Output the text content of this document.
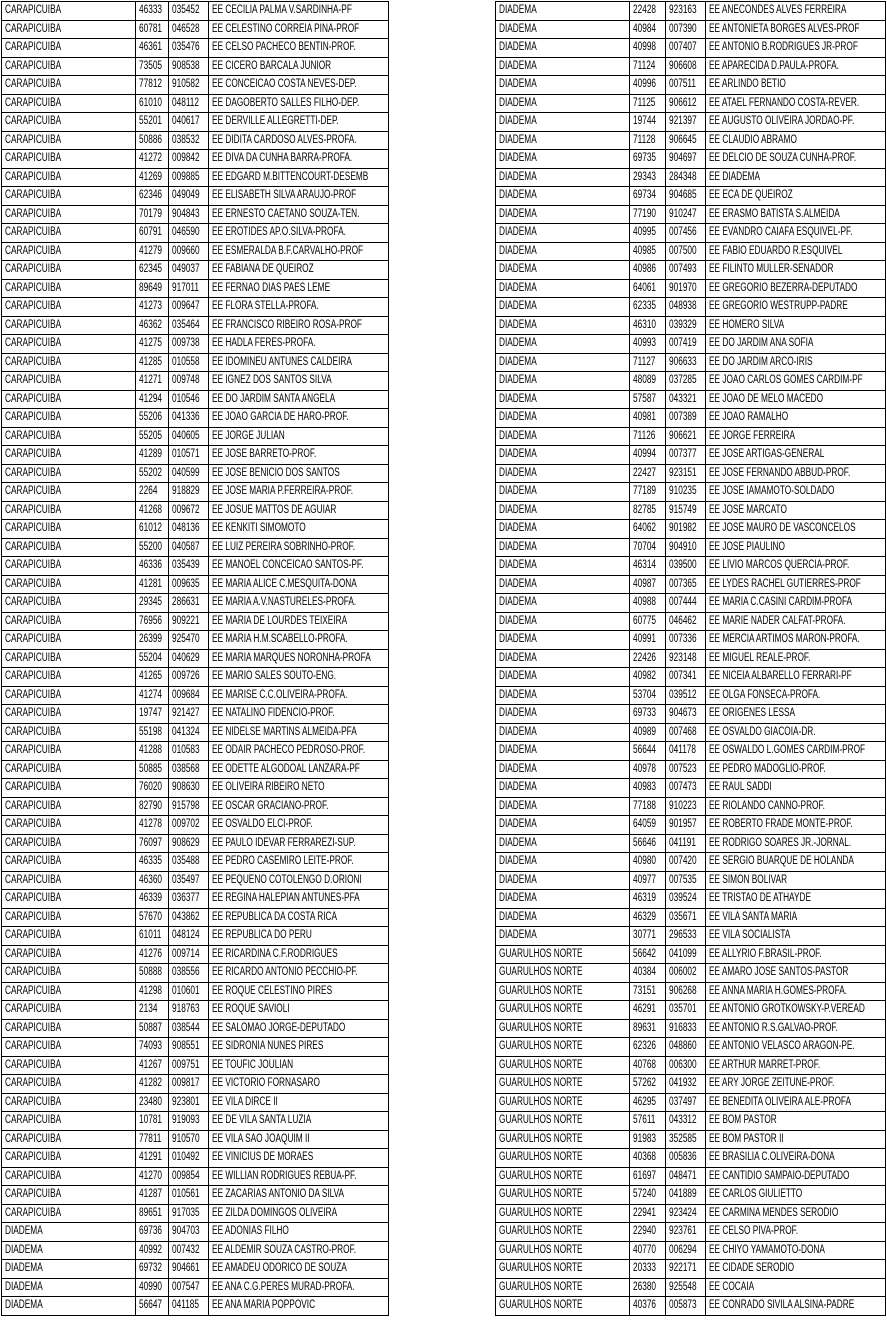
CARAPICUIBA	46333	035452	EE CECILIA PALMA V.SARDINHA-PF
CARAPICUIBA	60781	046528	EE CELESTINO CORREIA PINA-PROF
CARAPICUIBA	46361	035476	EE CELSO PACHECO BENTIN-PROF.
CARAPICUIBA	73505	908538	EE CICERO BARCALA JUNIOR
CARAPICUIBA	77812	910582	EE CONCEICAO COSTA NEVES-DEP.
CARAPICUIBA	61010	048112	EE DAGOBERTO SALLES FILHO-DEP.
CARAPICUIBA	55201	040617	EE DERVILLE ALLEGRETTI-DEP.
CARAPICUIBA	50886	038532	EE DIDITA CARDOSO ALVES-PROFA.
CARAPICUIBA	41272	009842	EE DIVA DA CUNHA BARRA-PROFA.
CARAPICUIBA	41269	009885	EE EDGARD M.BITTENCOURT-DESEMB
CARAPICUIBA	62346	049049	EE ELISABETH SILVA ARAUJO-PROF
CARAPICUIBA	70179	904843	EE ERNESTO CAETANO SOUZA-TEN.
CARAPICUIBA	60791	046590	EE EROTIDES AP.O.SILVA-PROFA.
CARAPICUIBA	41279	009660	EE ESMERALDA B.F.CARVALHO-PROF
CARAPICUIBA	62345	049037	EE FABIANA DE QUEIROZ
CARAPICUIBA	89649	917011	EE FERNAO DIAS PAES LEME
CARAPICUIBA	41273	009647	EE FLORA STELLA-PROFA.
CARAPICUIBA	46362	035464	EE FRANCISCO RIBEIRO ROSA-PROF
CARAPICUIBA	41275	009738	EE HADLA FERES-PROFA.
CARAPICUIBA	41285	010558	EE IDOMINEU ANTUNES CALDEIRA
CARAPICUIBA	41271	009748	EE IGNEZ DOS SANTOS SILVA
CARAPICUIBA	41294	010546	EE DO JARDIM SANTA ANGELA
CARAPICUIBA	55206	041336	EE JOAO GARCIA DE HARO-PROF.
CARAPICUIBA	55205	040605	EE JORGE JULIAN
CARAPICUIBA	41289	010571	EE JOSE BARRETO-PROF.
CARAPICUIBA	55202	040599	EE JOSE BENICIO DOS SANTOS
CARAPICUIBA	2264	918829	EE JOSE MARIA P.FERREIRA-PROF.
CARAPICUIBA	41268	009672	EE JOSUE MATTOS DE AGUIAR
CARAPICUIBA	61012	048136	EE KENKITI SIMOMOTO
CARAPICUIBA	55200	040587	EE LUIZ PEREIRA SOBRINHO-PROF.
CARAPICUIBA	46336	035439	EE MANOEL CONCEICAO SANTOS-PF.
CARAPICUIBA	41281	009635	EE MARIA ALICE C.MESQUITA-DONA
CARAPICUIBA	29345	286631	EE MARIA A.V.NASTURELES-PROFA.
CARAPICUIBA	76956	909221	EE MARIA DE LOURDES TEIXEIRA
CARAPICUIBA	26399	925470	EE MARIA H.M.SCABELLO-PROFA.
CARAPICUIBA	55204	040629	EE MARIA MARQUES NORONHA-PROFA
CARAPICUIBA	41265	009726	EE MARIO SALES SOUTO-ENG.
CARAPICUIBA	41274	009684	EE MARISE C.C.OLIVEIRA-PROFA.
CARAPICUIBA	19747	921427	EE NATALINO FIDENCIO-PROF.
CARAPICUIBA	55198	041324	EE NIDELSE MARTINS ALMEIDA-PFA
CARAPICUIBA	41288	010583	EE ODAIR PACHECO PEDROSO-PROF.
CARAPICUIBA	50885	038568	EE ODETTE ALGODOAL LANZARA-PF
CARAPICUIBA	76020	908630	EE OLIVEIRA RIBEIRO NETO
CARAPICUIBA	82790	915798	EE OSCAR GRACIANO-PROF.
CARAPICUIBA	41278	009702	EE OSVALDO ELCI-PROF.
CARAPICUIBA	76097	908629	EE PAULO IDEVAR FERRAREZI-SUP.
CARAPICUIBA	46335	035488	EE PEDRO CASEMIRO LEITE-PROF.
CARAPICUIBA	46360	035497	EE PEQUENO COTOLENGO D.ORIONI
CARAPICUIBA	46339	036377	EE REGINA HALEPIAN ANTUNES-PFA
CARAPICUIBA	57670	043862	EE REPUBLICA DA COSTA RICA
CARAPICUIBA	61011	048124	EE REPUBLICA DO PERU
CARAPICUIBA	41276	009714	EE RICARDINA C.F.RODRIGUES
CARAPICUIBA	50888	038556	EE RICARDO ANTONIO PECCHIO-PF.
CARAPICUIBA	41298	010601	EE ROQUE CELESTINO PIRES
CARAPICUIBA	2134	918763	EE ROQUE SAVIOLI
CARAPICUIBA	50887	038544	EE SALOMAO JORGE-DEPUTADO
CARAPICUIBA	74093	908551	EE SIDRONIA NUNES PIRES
CARAPICUIBA	41267	009751	EE TOUFIC JOULIAN
CARAPICUIBA	41282	009817	EE VICTORIO FORNASARO
CARAPICUIBA	23480	923801	EE VILA DIRCE II
CARAPICUIBA	10781	919093	EE DE VILA SANTA LUZIA
CARAPICUIBA	77811	910570	EE VILA SAO JOAQUIM II
CARAPICUIBA	41291	010492	EE VINICIUS DE MORAES
CARAPICUIBA	41270	009854	EE WILLIAN RODRIGUES REBUA-PF.
CARAPICUIBA	41287	010561	EE ZACARIAS ANTONIO DA SILVA
CARAPICUIBA	89651	917035	EE ZILDA DOMINGOS OLIVEIRA
DIADEMA	69736	904703	EE ADONIAS FILHO
DIADEMA	40992	007432	EE ALDEMIR SOUZA CASTRO-PROF.
DIADEMA	69732	904661	EE AMADEU ODORICO DE SOUZA
DIADEMA	40990	007547	EE ANA C.G.PERES MURAD-PROFA.
DIADEMA	56647	041185	EE ANA MARIA POPPOVIC
DIADEMA	22428	923163	EE ANECONDES ALVES FERREIRA
DIADEMA	40984	007390	EE ANTONIETA BORGES ALVES-PROF
DIADEMA	40998	007407	EE ANTONIO B.RODRIGUES JR-PROF
DIADEMA	71124	906608	EE APARECIDA D.PAULA-PROFA.
DIADEMA	40996	007511	EE ARLINDO BETIO
DIADEMA	71125	906612	EE ATAEL FERNANDO COSTA-REVER.
DIADEMA	19744	921397	EE AUGUSTO OLIVEIRA JORDAO-PF.
DIADEMA	71128	906645	EE CLAUDIO ABRAMO
DIADEMA	69735	904697	EE DELCIO DE SOUZA CUNHA-PROF.
DIADEMA	29343	284348	EE DIADEMA
DIADEMA	69734	904685	EE ECA DE QUEIROZ
DIADEMA	77190	910247	EE ERASMO BATISTA S.ALMEIDA
DIADEMA	40995	007456	EE EVANDRO CAIAFA ESQUIVEL-PF.
DIADEMA	40985	007500	EE FABIO EDUARDO R.ESQUIVEL
DIADEMA	40986	007493	EE FILINTO MULLER-SENADOR
DIADEMA	64061	901970	EE GREGORIO BEZERRA-DEPUTADO
DIADEMA	62335	048938	EE GREGORIO WESTRUPP-PADRE
DIADEMA	46310	039329	EE HOMERO SILVA
DIADEMA	40993	007419	EE DO JARDIM ANA SOFIA
DIADEMA	71127	906633	EE DO JARDIM ARCO-IRIS
DIADEMA	48089	037285	EE JOAO CARLOS GOMES CARDIM-PF
DIADEMA	57587	043321	EE JOAO DE MELO MACEDO
DIADEMA	40981	007389	EE JOAO RAMALHO
DIADEMA	71126	906621	EE JORGE FERREIRA
DIADEMA	40994	007377	EE JOSE ARTIGAS-GENERAL
DIADEMA	22427	923151	EE JOSE FERNANDO ABBUD-PROF.
DIADEMA	77189	910235	EE JOSE IAMAMOTO-SOLDADO
DIADEMA	82785	915749	EE JOSE MARCATO
DIADEMA	64062	901982	EE JOSE MAURO DE VASCONCELOS
DIADEMA	70704	904910	EE JOSE PIAULINO
DIADEMA	46314	039500	EE LIVIO MARCOS QUERCIA-PROF.
DIADEMA	40987	007365	EE LYDES RACHEL GUTIERRES-PROF
DIADEMA	40988	007444	EE MARIA C.CASINI CARDIM-PROFA
DIADEMA	60775	046462	EE MARIE NADER CALFAT-PROFA.
DIADEMA	40991	007336	EE MERCIA ARTIMOS MARON-PROFA.
DIADEMA	22426	923148	EE MIGUEL REALE-PROF.
DIADEMA	40982	007341	EE NICEIA ALBARELLO FERRARI-PF
DIADEMA	53704	039512	EE OLGA FONSECA-PROFA.
DIADEMA	69733	904673	EE ORIGENES LESSA
DIADEMA	40989	007468	EE OSVALDO GIACOIA-DR.
DIADEMA	56644	041178	EE OSWALDO L.GOMES CARDIM-PROF
DIADEMA	40978	007523	EE PEDRO MADOGLIO-PROF.
DIADEMA	40983	007473	EE RAUL SADDI
DIADEMA	77188	910223	EE RIOLANDO CANNO-PROF.
DIADEMA	64059	901957	EE ROBERTO FRADE MONTE-PROF.
DIADEMA	56646	041191	EE RODRIGO SOARES JR.-JORNAL.
DIADEMA	40980	007420	EE SERGIO BUARQUE DE HOLANDA
DIADEMA	40977	007535	EE SIMON BOLIVAR
DIADEMA	46319	039524	EE TRISTAO DE ATHAYDE
DIADEMA	46329	035671	EE VILA SANTA MARIA
DIADEMA	30771	296533	EE VILA SOCIALISTA
GUARULHOS NORTE	56642	041099	EE ALLYRIO F.BRASIL-PROF.
GUARULHOS NORTE	40384	006002	EE AMARO JOSE SANTOS-PASTOR
GUARULHOS NORTE	73151	906268	EE ANNA MARIA H.GOMES-PROFA.
GUARULHOS NORTE	46291	035701	EE ANTONIO GROTKOWSKY-P.VEREAD
GUARULHOS NORTE	89631	916833	EE ANTONIO R.S.GALVAO-PROF.
GUARULHOS NORTE	62326	048860	EE ANTONIO VELASCO ARAGON-PE.
GUARULHOS NORTE	40768	006300	EE ARTHUR MARRET-PROF.
GUARULHOS NORTE	57262	041932	EE ARY JORGE ZEITUNE-PROF.
GUARULHOS NORTE	46295	037497	EE BENEDITA OLIVEIRA ALE-PROFA
GUARULHOS NORTE	57611	043312	EE BOM PASTOR
GUARULHOS NORTE	91983	352585	EE BOM PASTOR II
GUARULHOS NORTE	40368	005836	EE BRASILIA C.OLIVEIRA-DONA
GUARULHOS NORTE	61697	048471	EE CANTIDIO SAMPAIO-DEPUTADO
GUARULHOS NORTE	57240	041889	EE CARLOS GIULIETTO
GUARULHOS NORTE	22941	923424	EE CARMINA MENDES SERODIO
GUARULHOS NORTE	22940	923761	EE CELSO PIVA-PROF.
GUARULHOS NORTE	40770	006294	EE CHIYO YAMAMOTO-DONA
GUARULHOS NORTE	20333	922171	EE CIDADE SERODIO
GUARULHOS NORTE	26380	925548	EE COCAIA
GUARULHOS NORTE	40376	005873	EE CONRADO SIVILA ALSINA-PADRE
